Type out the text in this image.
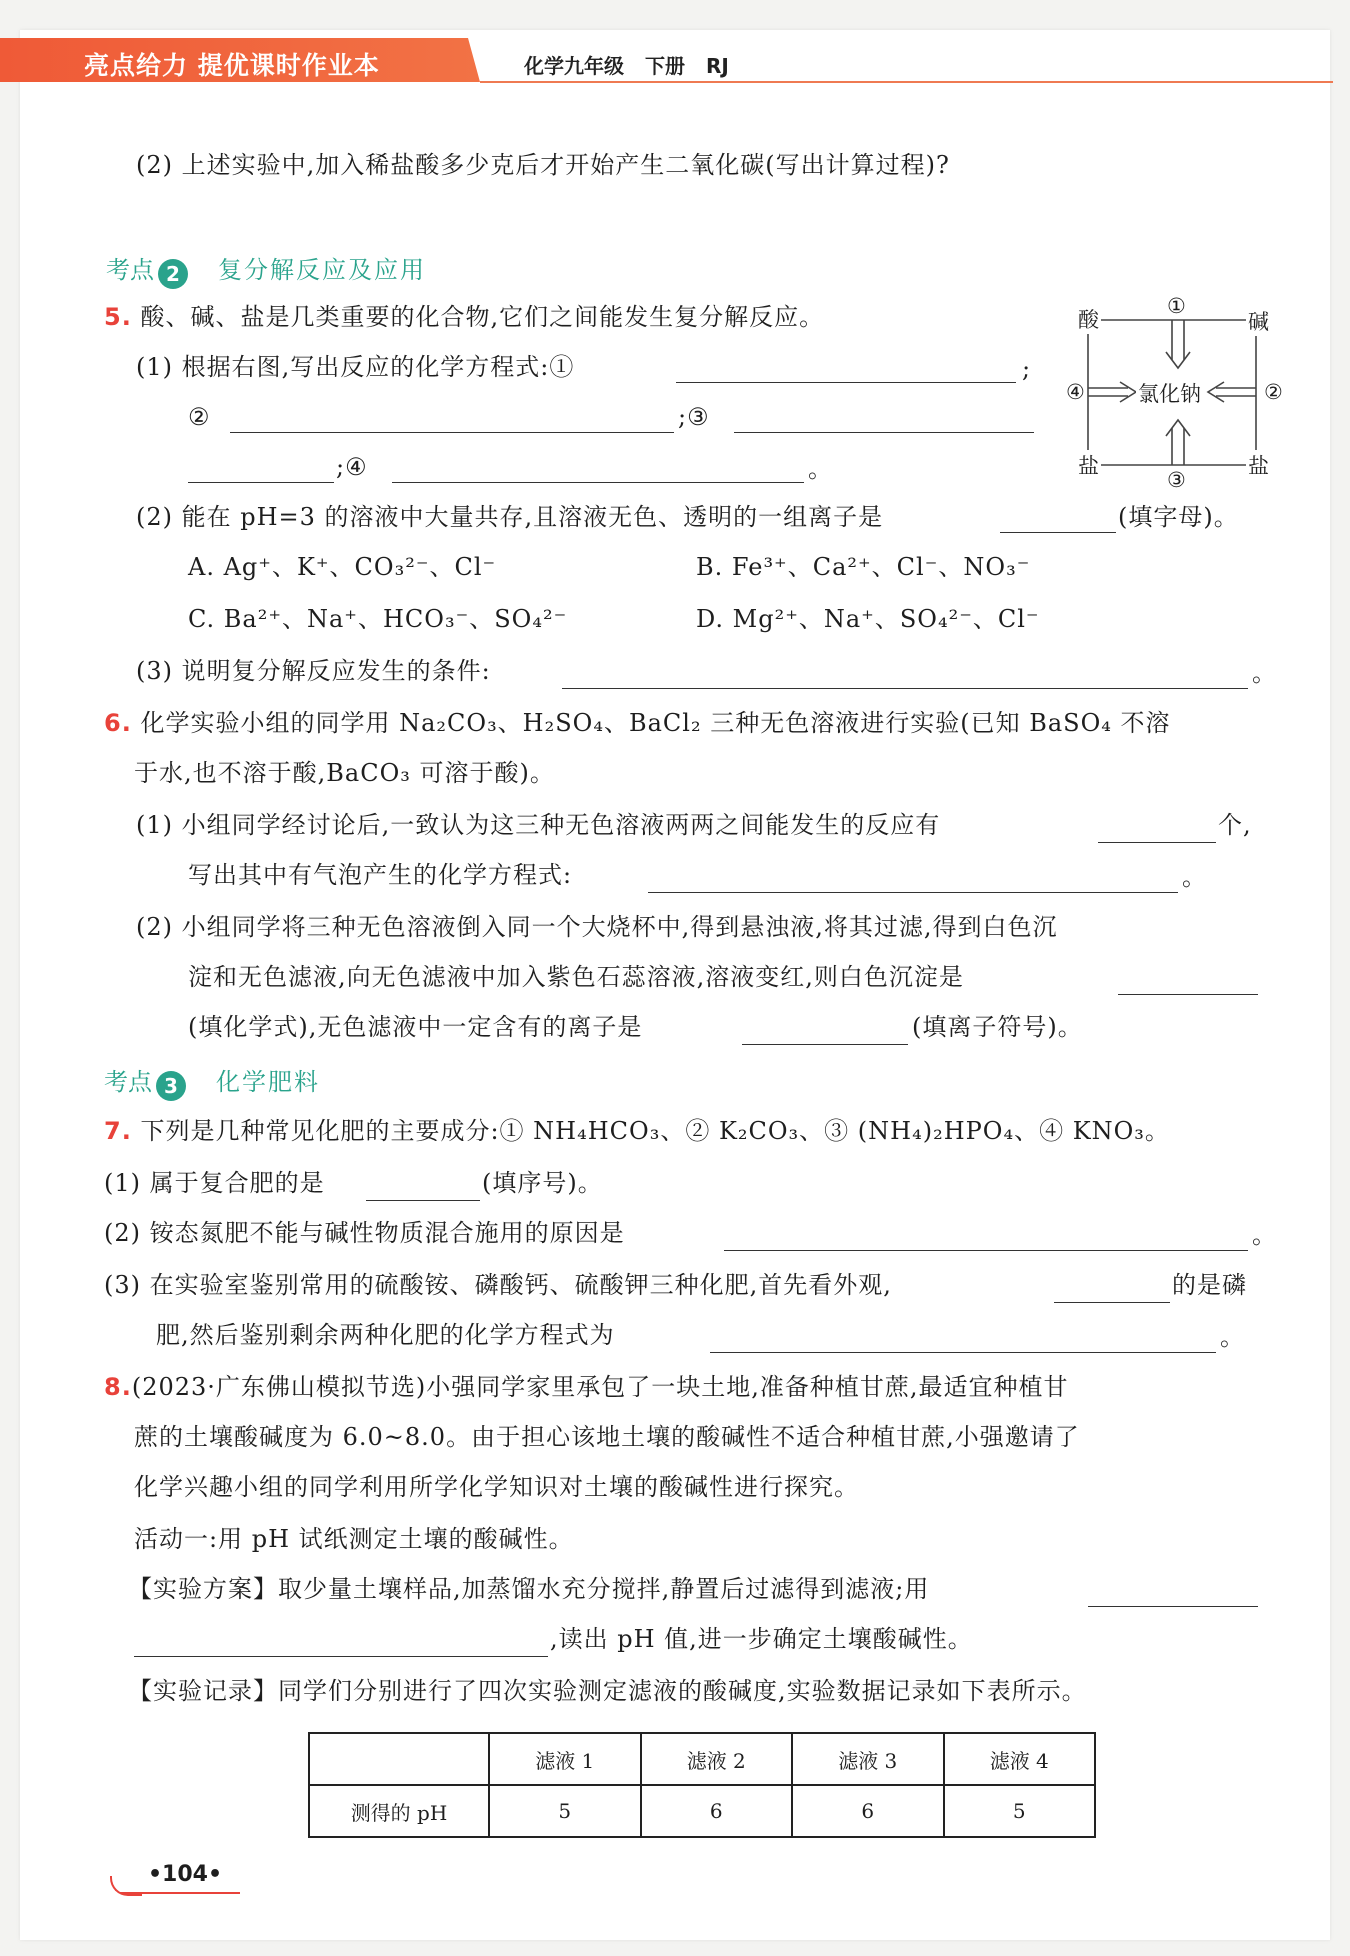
亮点给力 提优课时作业本	化学九年级 下册 RJ
(2) 上述实验中,加入稀盐酸多少克后才开始产生二氧化碳(写出计算过程)?
考点 2 复分解反应及应用
5. 酸、碱、盐是几类重要的化合物,它们之间能发生复分解反应。
(1) 根据右图,写出反应的化学方程式:①	;
②	;③
;④	。
酸	碱
①
氯化钠
④	②
盐	盐
③
(2) 能在 pH=3 的溶液中大量共存,且溶液无色、透明的一组离子是	(填字母)。
A. Ag⁺、K⁺、CO₃²⁻、Cl⁻	B. Fe³⁺、Ca²⁺、Cl⁻、NO₃⁻
C. Ba²⁺、Na⁺、HCO₃⁻、SO₄²⁻	D. Mg²⁺、Na⁺、SO₄²⁻、Cl⁻
(3) 说明复分解反应发生的条件:	。
6. 化学实验小组的同学用 Na₂CO₃、H₂SO₄、BaCl₂ 三种无色溶液进行实验(已知 BaSO₄ 不溶
于水,也不溶于酸,BaCO₃ 可溶于酸)。
(1) 小组同学经讨论后,一致认为这三种无色溶液两两之间能发生的反应有	个,
写出其中有气泡产生的化学方程式:	。
(2) 小组同学将三种无色溶液倒入同一个大烧杯中,得到悬浊液,将其过滤,得到白色沉
淀和无色滤液,向无色滤液中加入紫色石蕊溶液,溶液变红,则白色沉淀是
(填化学式),无色滤液中一定含有的离子是	(填离子符号)。
考点 3 化学肥料
7. 下列是几种常见化肥的主要成分:① NH₄HCO₃、② K₂CO₃、③ (NH₄)₂HPO₄、④ KNO₃。
(1) 属于复合肥的是	(填序号)。
(2) 铵态氮肥不能与碱性物质混合施用的原因是	。
(3) 在实验室鉴别常用的硫酸铵、磷酸钙、硫酸钾三种化肥,首先看外观,	的是磷
肥,然后鉴别剩余两种化肥的化学方程式为	。
8.(2023·广东佛山模拟节选)小强同学家里承包了一块土地,准备种植甘蔗,最适宜种植甘
蔗的土壤酸碱度为 6.0~8.0。由于担心该地土壤的酸碱性不适合种植甘蔗,小强邀请了
化学兴趣小组的同学利用所学化学知识对土壤的酸碱性进行探究。
活动一:用 pH 试纸测定土壤的酸碱性。
【实验方案】取少量土壤样品,加蒸馏水充分搅拌,静置后过滤得到滤液;用
,读出 pH 值,进一步确定土壤酸碱性。
【实验记录】同学们分别进行了四次实验测定滤液的酸碱度,实验数据记录如下表所示。
	滤液 1	滤液 2	滤液 3	滤液 4
测得的 pH	5	6	6	5
•104•
